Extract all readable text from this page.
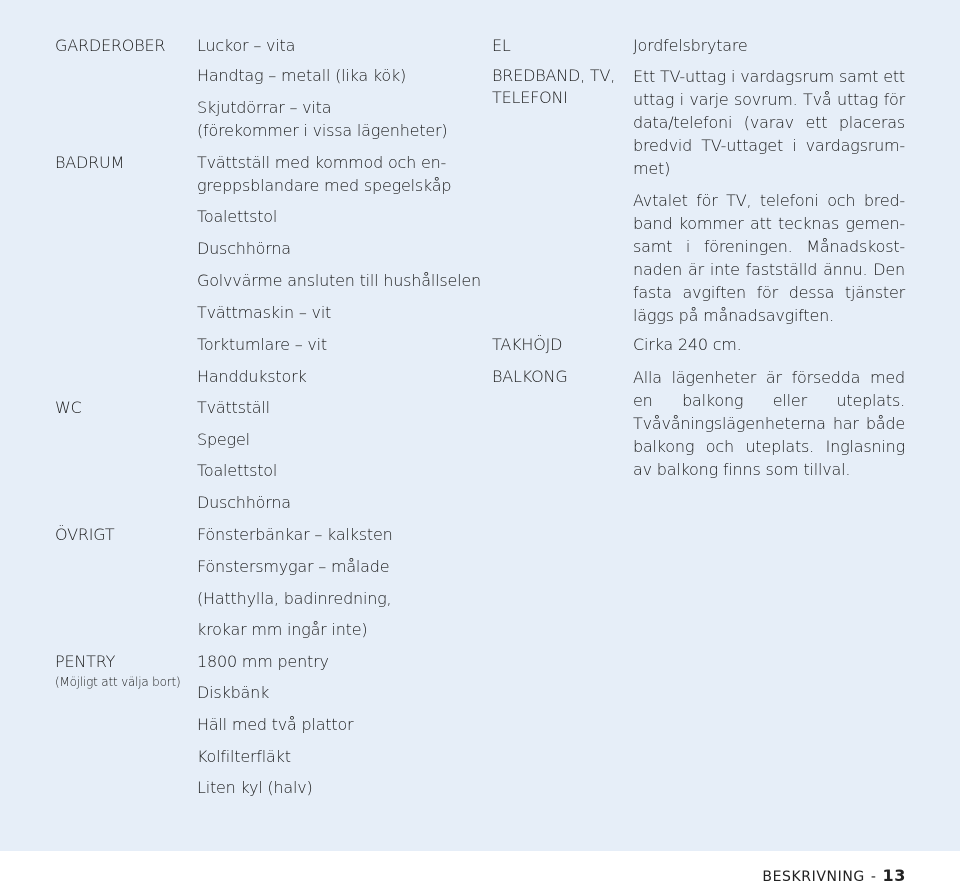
GARDEROBER
BADRUM
WC
ÖVRIGT
PENTRY
(Möjligt att välja bort)
Luckor – vita
Handtag – metall (lika kök)
Skjutdörrar – vita
(förekommer i vissa lägenheter)
Tvättställ med kommod och en-
greppsblandare med spegelskåp
Toalettstol
Duschhörna
Golvvärme ansluten till hushållselen
Tvättmaskin – vit
Torktumlare – vit
Handdukstork
Tvättställ
Spegel
Toalettstol
Duschhörna
Fönsterbänkar – kalksten
Fönstersmygar – målade
(Hatthylla, badinredning,
krokar mm ingår inte)
1800 mm pentry
Diskbänk
Häll med två plattor
Kolfilterfläkt
Liten kyl (halv)
EL
BREDBAND, TV,
TELEFONI
TAKHÖJD
BALKONG
Jordfelsbrytare
Ett TV-uttag i vardagsrum samt ett uttag i varje sovrum. Två uttag för data/telefoni (varav ett placeras bredvid TV-uttaget i vardagsrum-met)
Avtalet för TV, telefoni och bred-band kommer att tecknas gemen-samt i föreningen. Månadskost-naden är inte fastställd ännu. Den fasta avgiften för dessa tjänster läggs på månadsavgiften.
Cirka 240 cm.
Alla lägenheter är försedda med en balkong eller uteplats. Tvåvåningslägenheterna har både balkong och uteplats. Inglasning av balkong finns som tillval.
BESKRIVNING - 13
